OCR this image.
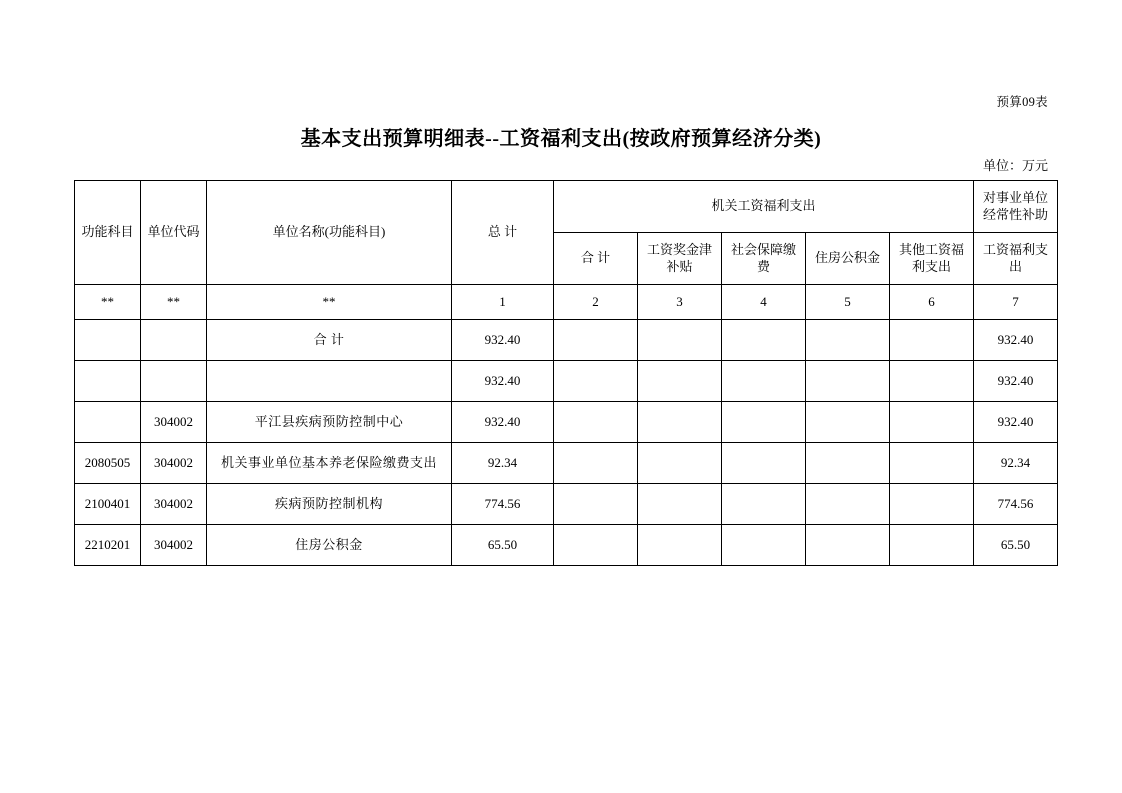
预算09表
基本支出预算明细表--工资福利支出(按政府预算经济分类)
单位：万元
功能科目	单位代码	单位名称(功能科目)	总 计	机关工资福利支出					对事业单位经常性补助
				合 计	工资奖金津补贴	社会保障缴费	住房公积金	其他工资福利支出	工资福利支出
**	**	**	1	2	3	4	5	6	7
		合 计	932.40						932.40
			932.40						932.40
	304002	平江县疾病预防控制中心	932.40						932.40
2080505	304002	机关事业单位基本养老保险缴费支出	92.34						92.34
2100401	304002	疾病预防控制机构	774.56						774.56
2210201	304002	住房公积金	65.50						65.50
